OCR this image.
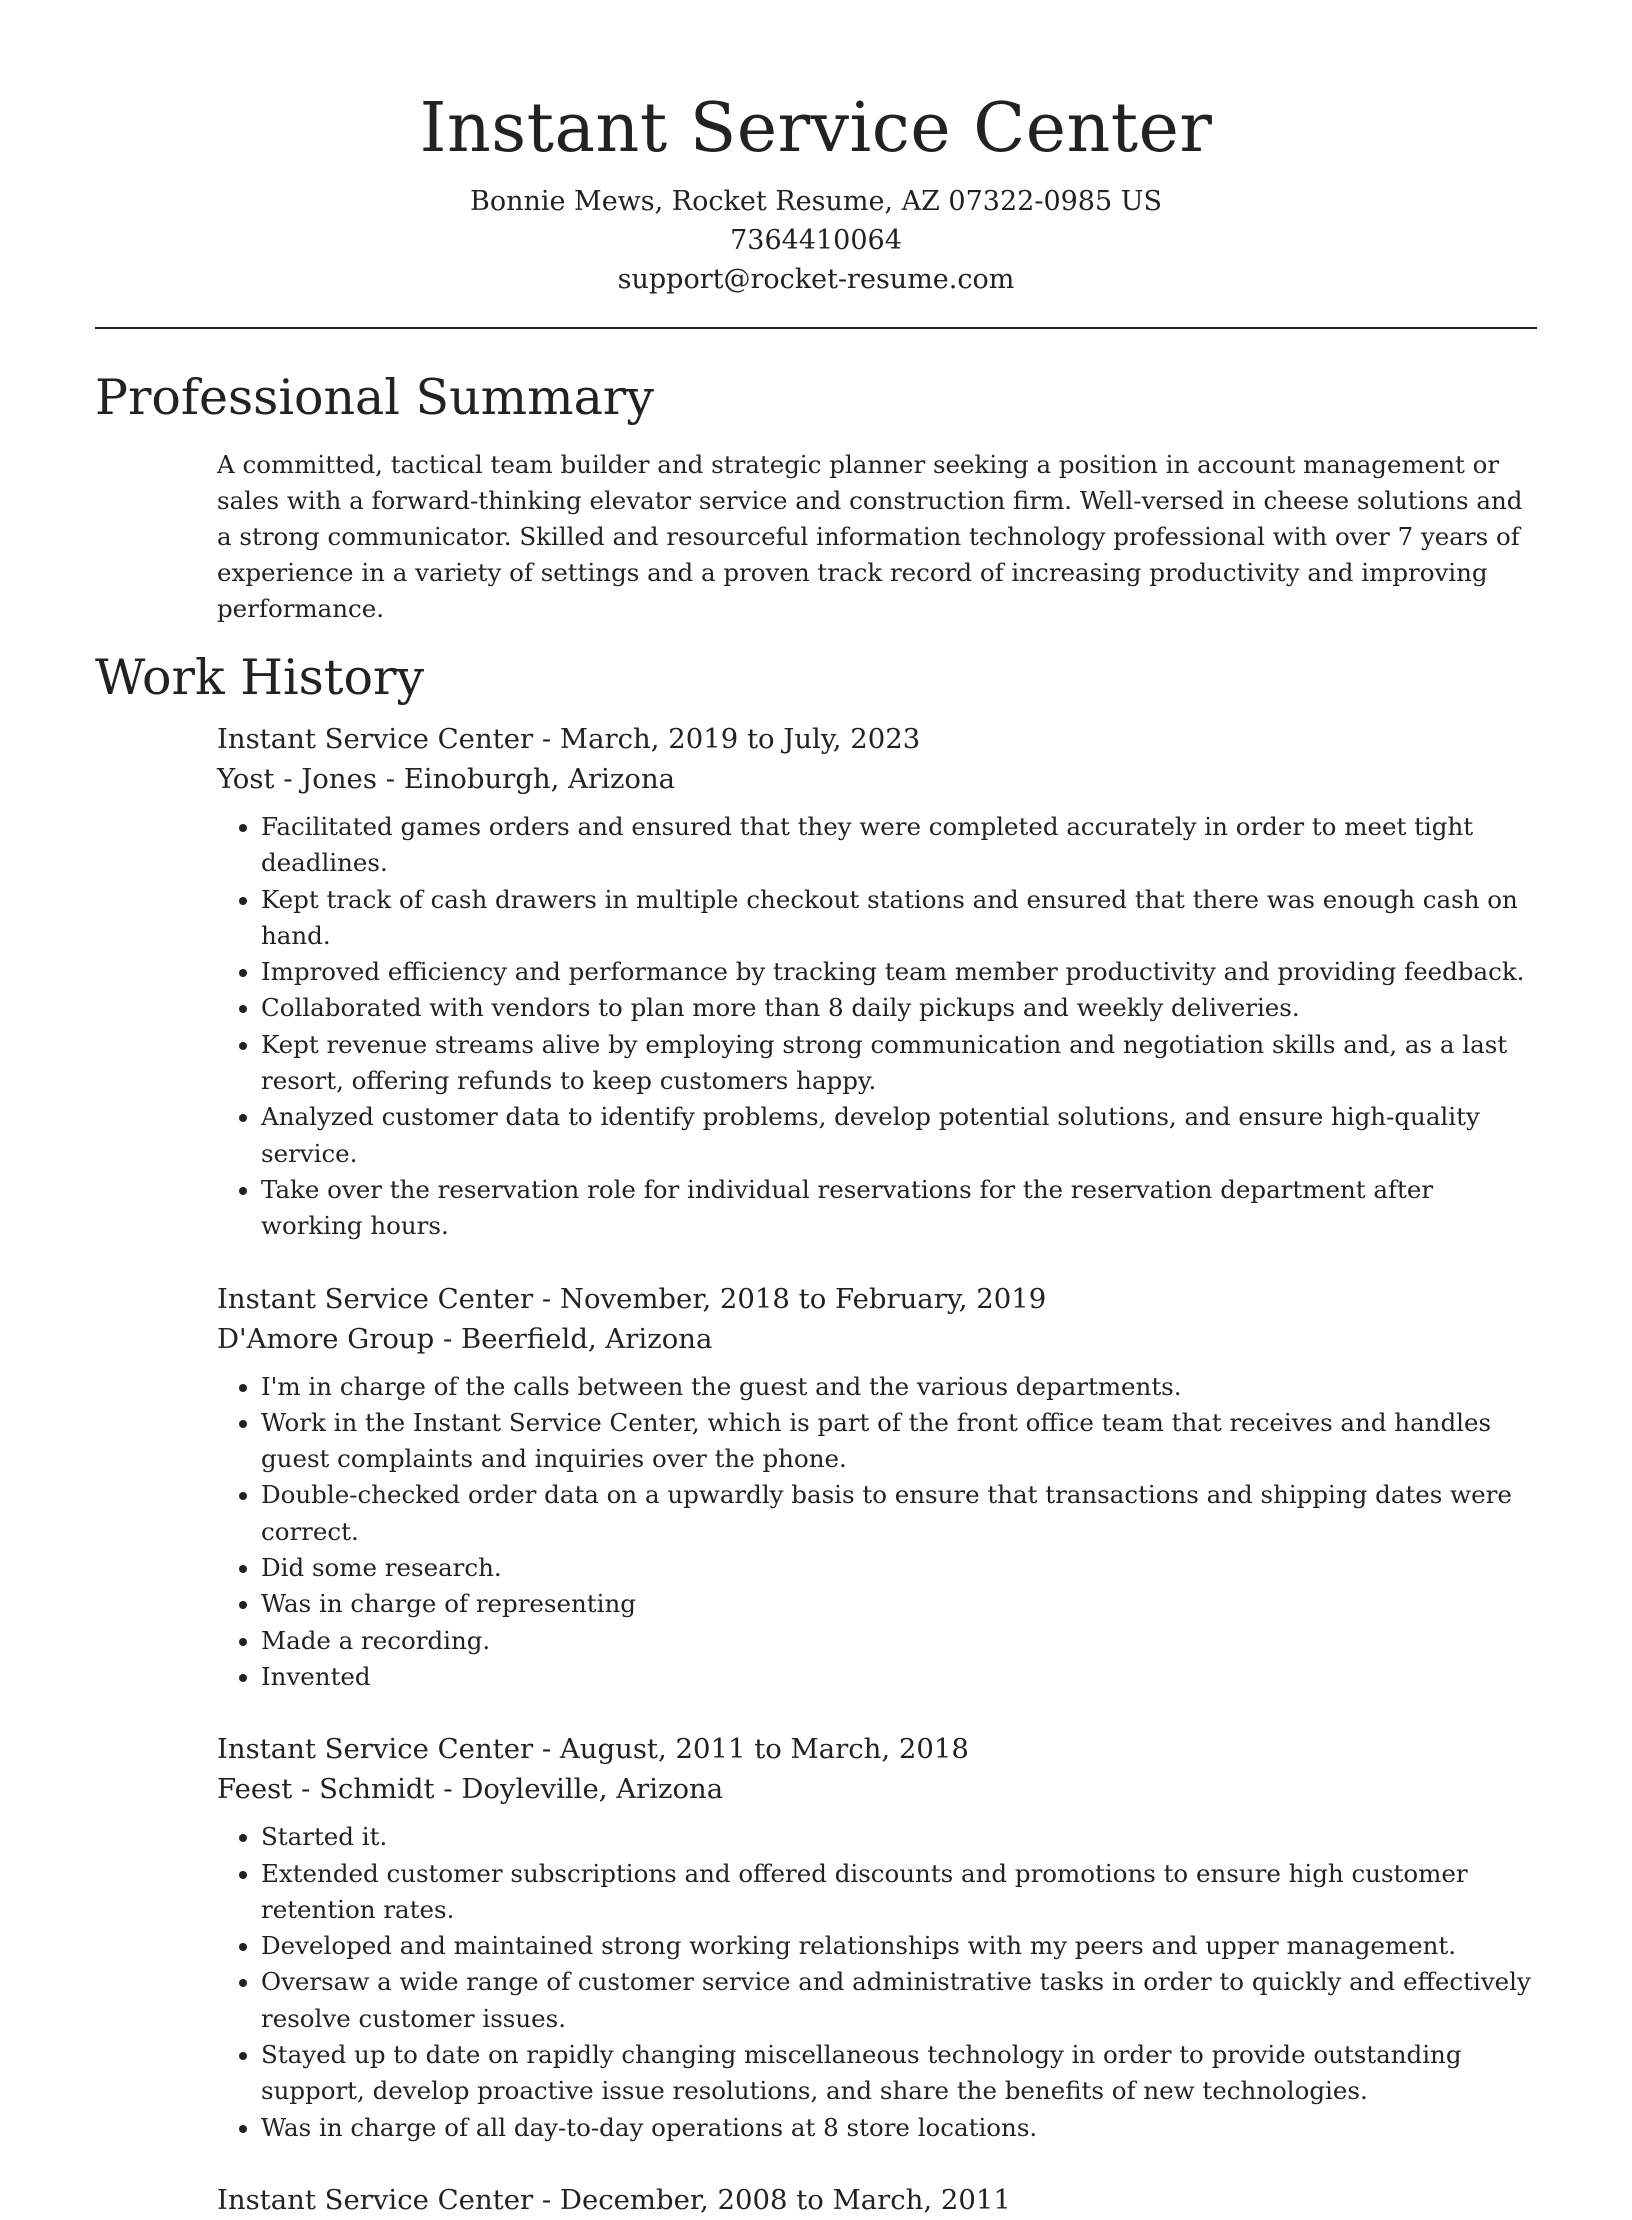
Instant Service Center
Bonnie Mews, Rocket Resume, AZ 07322-0985 US
7364410064
support@rocket-resume.com
Professional Summary
A committed, tactical team builder and strategic planner seeking a position in account management or sales with a forward-thinking elevator service and construction firm. Well-versed in cheese solutions and a strong communicator. Skilled and resourceful information technology professional with over 7 years of experience in a variety of settings and a proven track record of increasing productivity and improving performance.
Work History
Instant Service Center - March, 2019 to July, 2023
Yost - Jones - Einoburgh, Arizona
• Facilitated games orders and ensured that they were completed accurately in order to meet tight deadlines.
• Kept track of cash drawers in multiple checkout stations and ensured that there was enough cash on hand.
• Improved efficiency and performance by tracking team member productivity and providing feedback.
• Collaborated with vendors to plan more than 8 daily pickups and weekly deliveries.
• Kept revenue streams alive by employing strong communication and negotiation skills and, as a last resort, offering refunds to keep customers happy.
• Analyzed customer data to identify problems, develop potential solutions, and ensure high-quality service.
• Take over the reservation role for individual reservations for the reservation department after working hours.
Instant Service Center - November, 2018 to February, 2019
D'Amore Group - Beerfield, Arizona
• I'm in charge of the calls between the guest and the various departments.
• Work in the Instant Service Center, which is part of the front office team that receives and handles guest complaints and inquiries over the phone.
• Double-checked order data on a upwardly basis to ensure that transactions and shipping dates were correct.
• Did some research.
• Was in charge of representing
• Made a recording.
• Invented
Instant Service Center - August, 2011 to March, 2018
Feest - Schmidt - Doyleville, Arizona
• Started it.
• Extended customer subscriptions and offered discounts and promotions to ensure high customer retention rates.
• Developed and maintained strong working relationships with my peers and upper management.
• Oversaw a wide range of customer service and administrative tasks in order to quickly and effectively resolve customer issues.
• Stayed up to date on rapidly changing miscellaneous technology in order to provide outstanding support, develop proactive issue resolutions, and share the benefits of new technologies.
• Was in charge of all day-to-day operations at 8 store locations.
Instant Service Center - December, 2008 to March, 2011
